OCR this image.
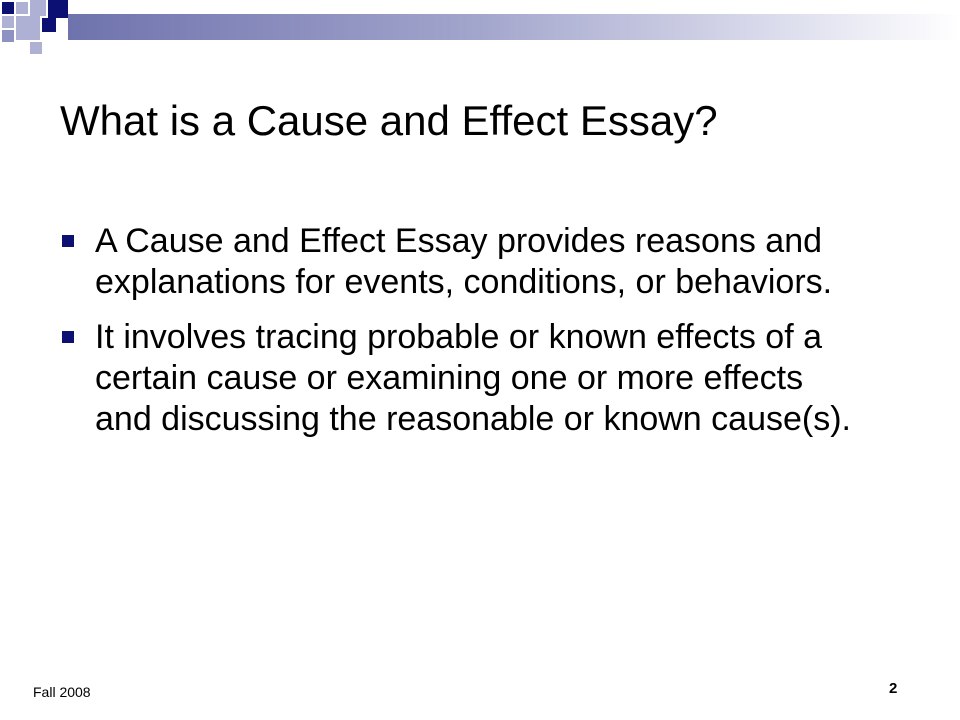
What is a Cause and Effect Essay?
A Cause and Effect Essay provides reasons and explanations for events, conditions, or behaviors.
It involves tracing probable or known effects of a certain cause or examining one or more effects and discussing the reasonable or known cause(s).
Fall 2008	2
